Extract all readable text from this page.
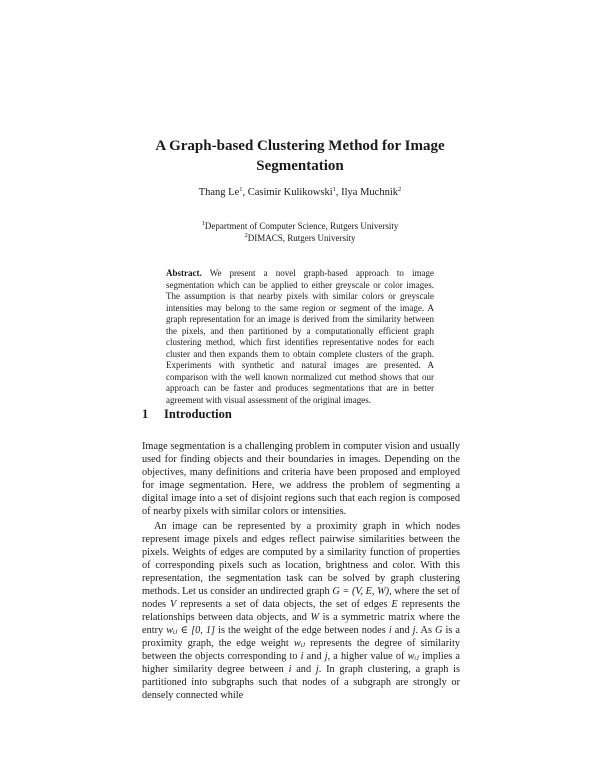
A Graph-based Clustering Method for Image
Segmentation
Thang Le$^1$, Casimir Kulikowski$^1$, Ilya Muchnik$^2$
$^1$Department of Computer Science, Rutgers University
$^2$DIMACS, Rutgers University
Abstract. We present a novel graph-based approach to image segmentation which can be applied to either greyscale or color images. The assumption is that nearby pixels with similar colors or greyscale intensities may belong to the same region or segment of the image. A graph representation for an image is derived from the similarity between the pixels, and then partitioned by a computationally efficient graph clustering method, which first identifies representative nodes for each cluster and then expands them to obtain complete clusters of the graph. Experiments with synthetic and natural images are presented. A comparison with the well known normalized cut method shows that our approach can be faster and produces segmentations that are in better agreement with visual assessment of the original images.
1 Introduction

Image segmentation is a challenging problem in computer vision and usually used for finding objects and their boundaries in images. Depending on the objectives, many definitions and criteria have been proposed and employed for image segmentation. Here, we address the problem of segmenting a digital image into a set of disjoint regions such that each region is composed of nearby pixels with similar colors or intensities.

An image can be represented by a proximity graph in which nodes represent image pixels and edges reflect pairwise similarities between the pixels. Weights of edges are computed by a similarity function of properties of corresponding pixels such as location, brightness and color. With this representation, the segmentation task can be solved by graph clustering methods. Let us consider an undirected graph G = (V, E, W), where the set of nodes V represents a set of data objects, the set of edges E represents the relationships between data objects, and W is a symmetric matrix where the entry wᵢⱼ ∈ [0, 1] is the weight of the edge between nodes i and j. As G is a proximity graph, the edge weight wᵢⱼ represents the degree of similarity between the objects corresponding to i and j, a higher value of wᵢⱼ implies a higher similarity degree between i and j. In graph clustering, a graph is partitioned into subgraphs such that nodes of a subgraph are strongly or densely connected while
